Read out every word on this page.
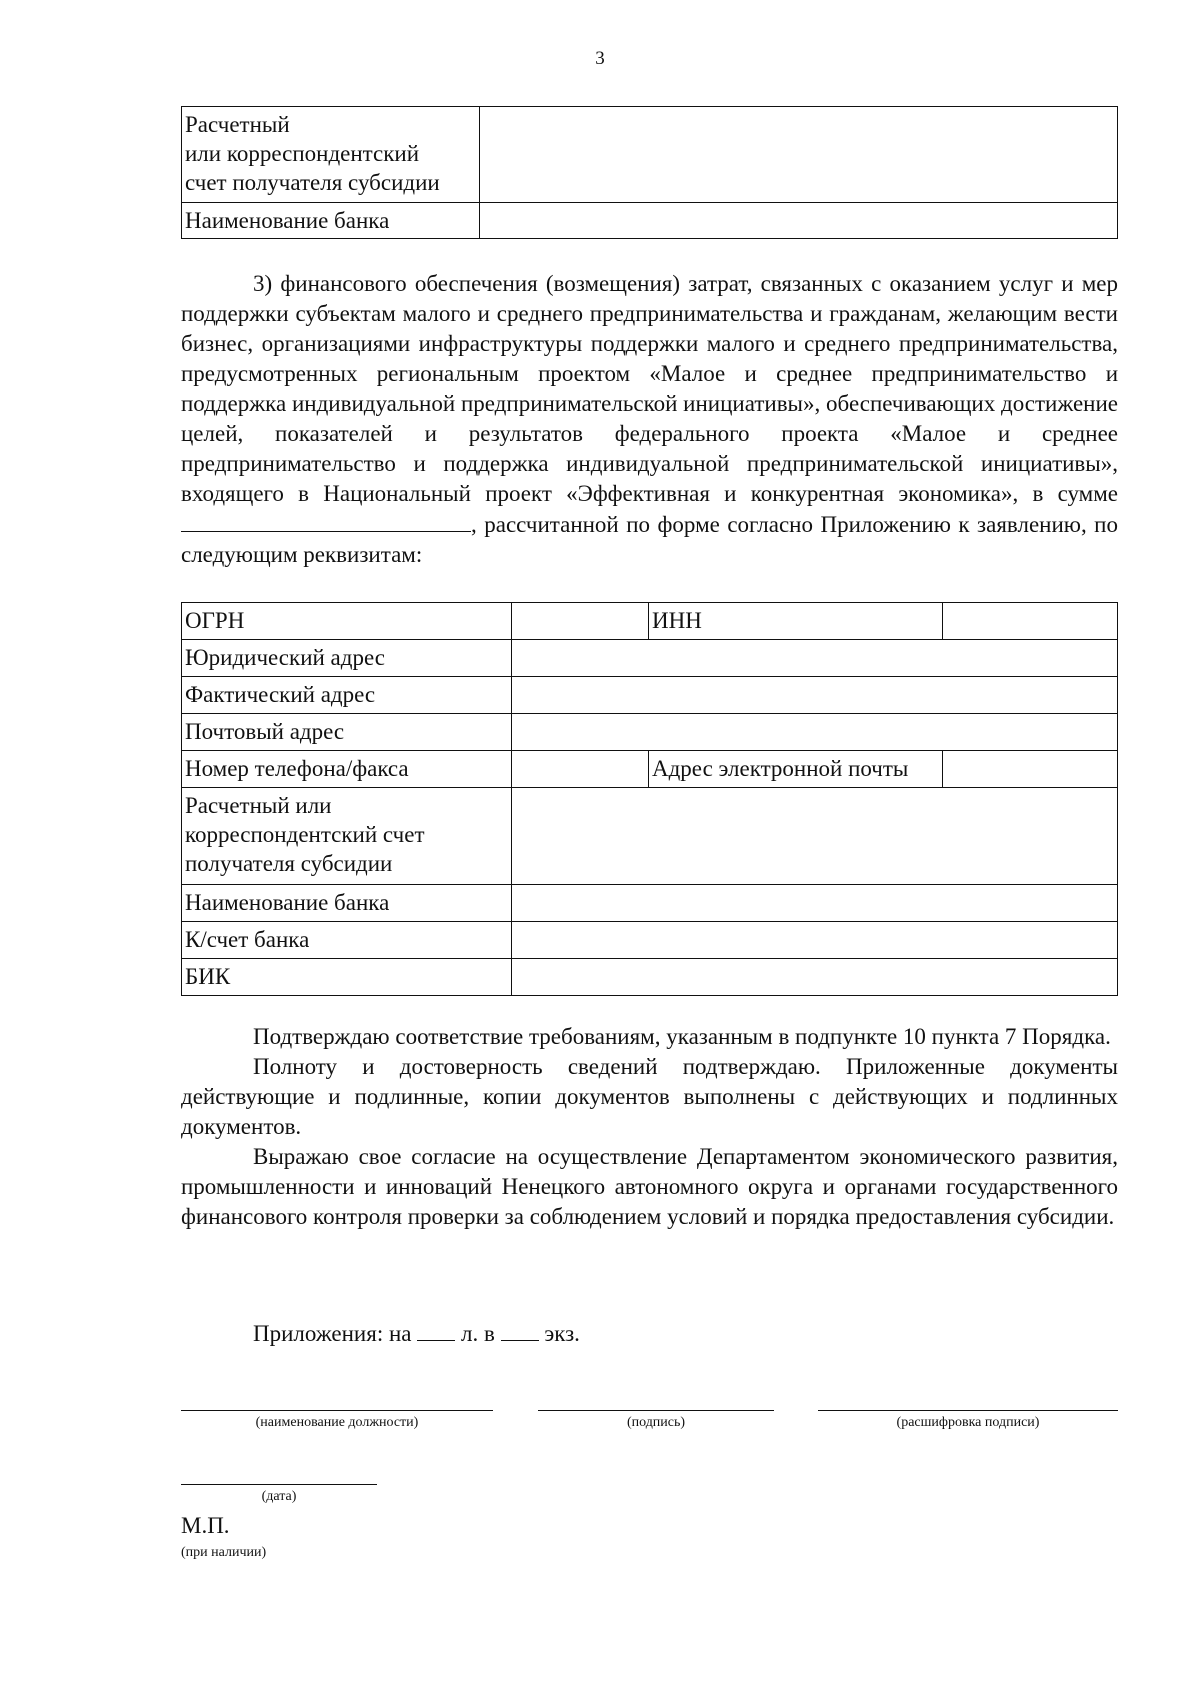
3
Расчетный
или корреспондентский
счет получателя субсидии	
Наименование банка	

3) финансового обеспечения (возмещения) затрат, связанных с оказанием услуг и мер поддержки субъектам малого и среднего предпринимательства и гражданам, желающим вести бизнес, организациями инфраструктуры поддержки малого и среднего предпринимательства, предусмотренных региональным проектом «Малое и среднее предпринимательство и поддержка индивидуальной предпринимательской инициативы», обеспечивающих достижение целей, показателей и результатов федерального проекта «Малое и среднее предпринимательство и поддержка индивидуальной предпринимательской инициативы», входящего в Национальный проект «Эффективная и конкурентная экономика», в сумме , рассчитанной по форме согласно Приложению к заявлению, по следующим реквизитам:

ОГРН		ИНН	
Юридический адрес			
Фактический адрес			
Почтовый адрес			
Номер телефона/факса		Адрес электронной почты	
Расчетный или
корреспондентский счет
получателя субсидии			
Наименование банка			
К/счет банка			
БИК			

Подтверждаю соответствие требованиям, указанным в подпункте 10 пункта 7 Порядка.

Полноту и достоверность сведений подтверждаю. Приложенные документы действующие и подлинные, копии документов выполнены с действующих и подлинных документов.

Выражаю свое согласие на осуществление Департаментом экономического развития, промышленности и инноваций Ненецкого автономного округа и органами государственного финансового контроля проверки за соблюдением условий и порядка предоставления субсидии.

Приложения: на л. в экз.
(наименование должности)	(подпись)	(расшифровка подписи)
(дата)
М.П.
(при наличии)
